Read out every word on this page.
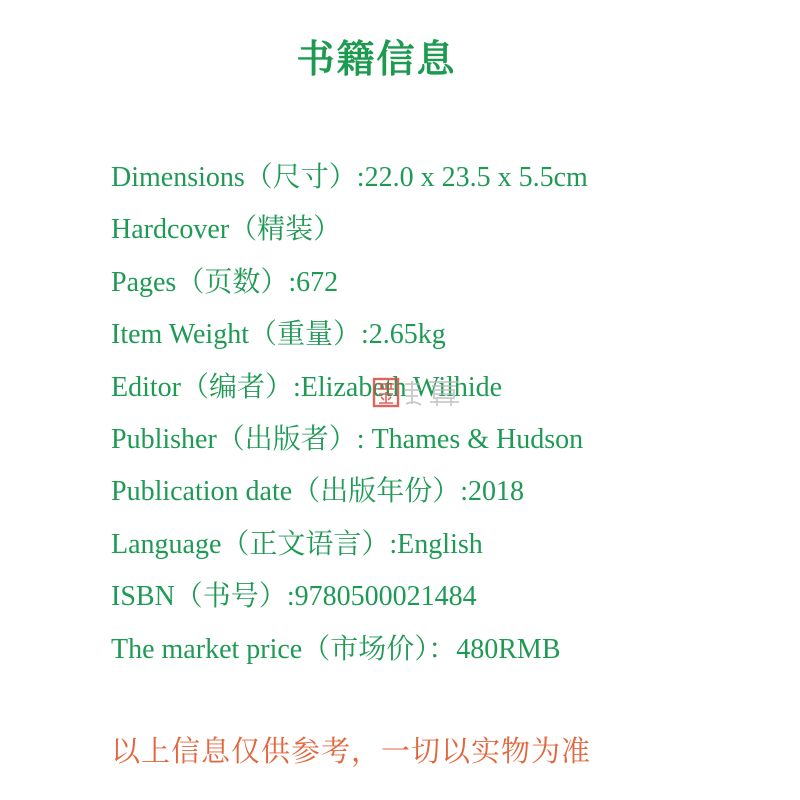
书籍信息
Dimensions（尺寸）:22.0 x 23.5 x 5.5cm
Hardcover（精装）
Pages（页数）:672
Item Weight（重量）:2.65kg
Editor（编者）:Elizabeth Wilhide
Publisher（出版者）: Thames & Hudson
Publication date（出版年份）:2018
Language（正文语言）:English
ISBN（书号）:9780500021484
The market price（市场价）：480RMB
以上信息仅供参考，一切以实物为准
